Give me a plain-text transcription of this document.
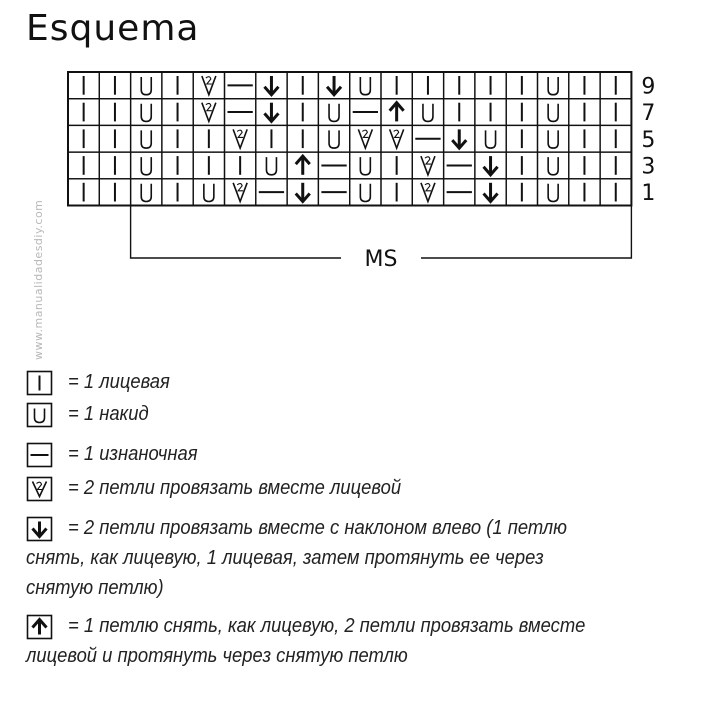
Esquema
www.manualidadesdiy.com
9
7
5
3
1
MS
= 1 лицевая
= 1 накид
= 1 изнаночная
= 2 петли провязать вместе лицевой
= 2 петли провязать вместе с наклоном влево (1 петлю
снять, как лицевую, 1 лицевая, затем протянуть ее через
снятую петлю)
= 1 петлю снять, как лицевую, 2 петли провязать вместе
лицевой и протянуть через снятую петлю
